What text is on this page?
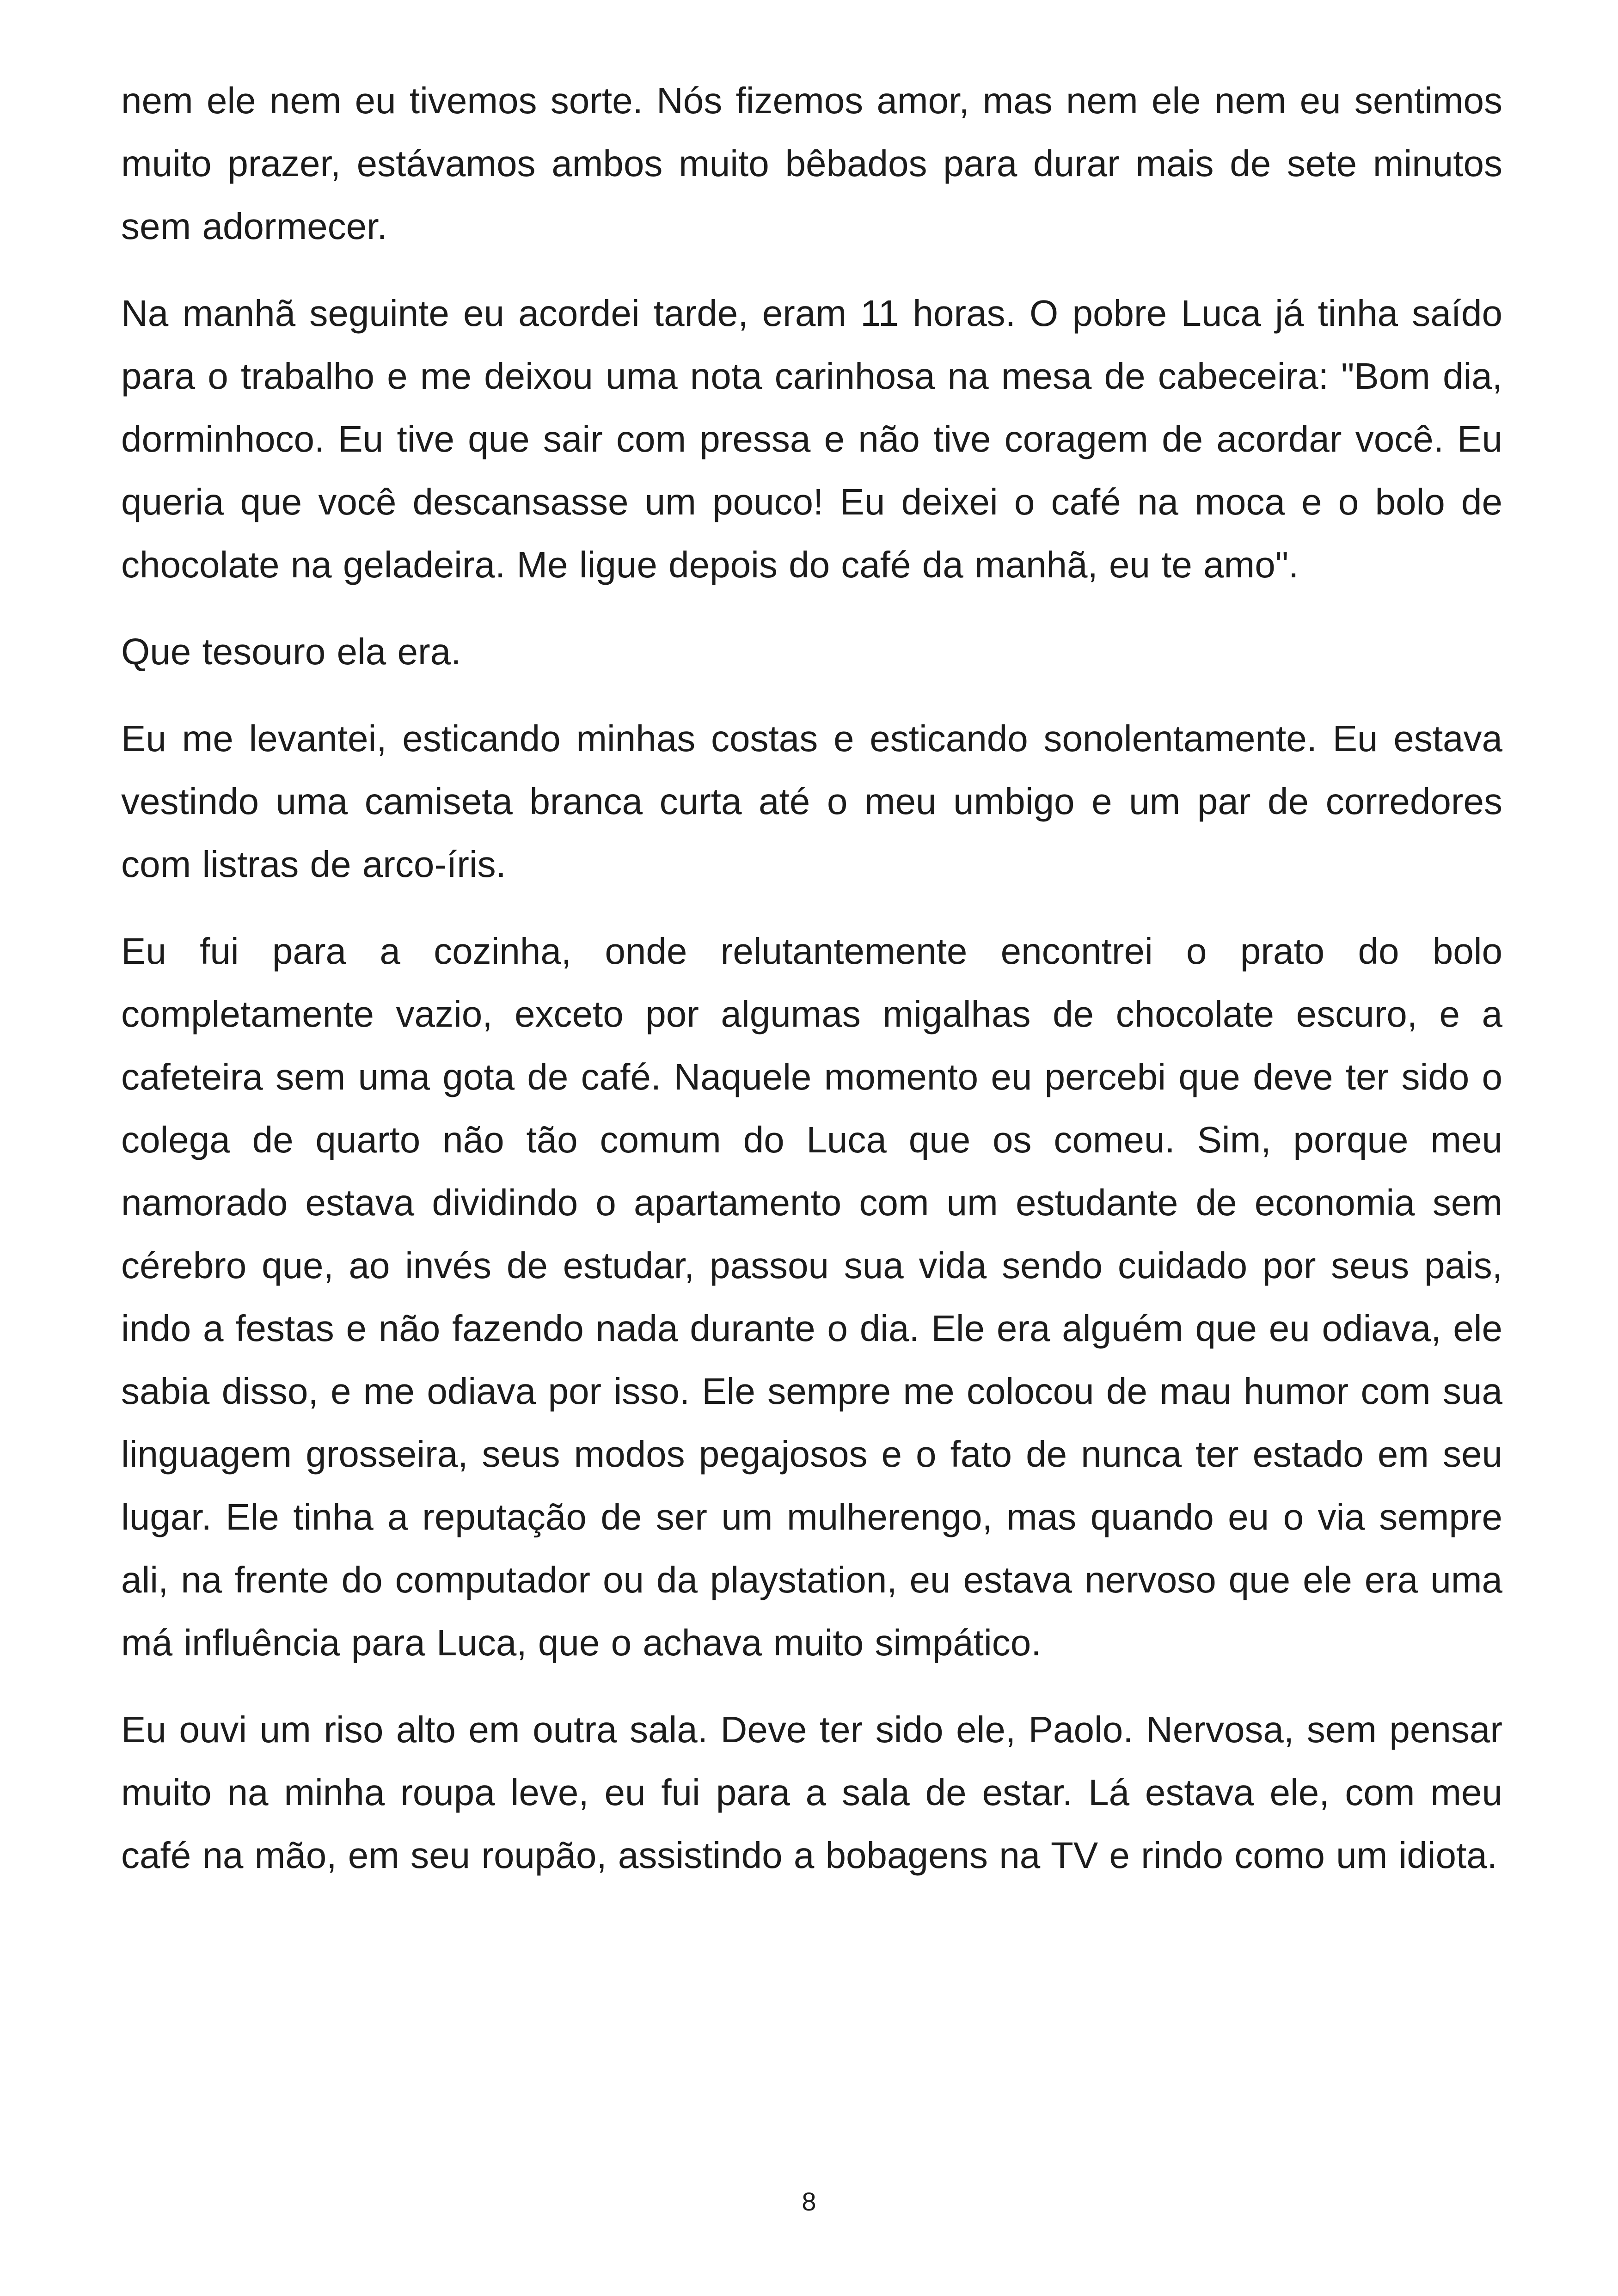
nem ele nem eu tivemos sorte. Nós fizemos amor, mas nem ele nem eu sentimos muito prazer, estávamos ambos muito bêbados para durar mais de sete minutos sem adormecer.

Na manhã seguinte eu acordei tarde, eram 11 horas. O pobre Luca já tinha saído para o trabalho e me deixou uma nota carinhosa na mesa de cabeceira: "Bom dia, dorminhoco. Eu tive que sair com pressa e não tive coragem de acordar você. Eu queria que você descansasse um pouco! Eu deixei o café na moca e o bolo de chocolate na geladeira. Me ligue depois do café da manhã, eu te amo".

Que tesouro ela era.

Eu me levantei, esticando minhas costas e esticando sonolentamente. Eu estava vestindo uma camiseta branca curta até o meu umbigo e um par de corredores com listras de arco-íris.

Eu fui para a cozinha, onde relutantemente encontrei o prato do bolo completamente vazio, exceto por algumas migalhas de chocolate escuro, e a cafeteira sem uma gota de café. Naquele momento eu percebi que deve ter sido o colega de quarto não tão comum do Luca que os comeu. Sim, porque meu namorado estava dividindo o apartamento com um estudante de economia sem cérebro que, ao invés de estudar, passou sua vida sendo cuidado por seus pais, indo a festas e não fazendo nada durante o dia. Ele era alguém que eu odiava, ele sabia disso, e me odiava por isso. Ele sempre me colocou de mau humor com sua linguagem grosseira, seus modos pegajosos e o fato de nunca ter estado em seu lugar. Ele tinha a reputação de ser um mulherengo, mas quando eu o via sempre ali, na frente do computador ou da playstation, eu estava nervoso que ele era uma má influência para Luca, que o achava muito simpático.

Eu ouvi um riso alto em outra sala. Deve ter sido ele, Paolo. Nervosa, sem pensar muito na minha roupa leve, eu fui para a sala de estar. Lá estava ele, com meu café na mão, em seu roupão, assistindo a bobagens na TV e rindo como um idiota.

8
